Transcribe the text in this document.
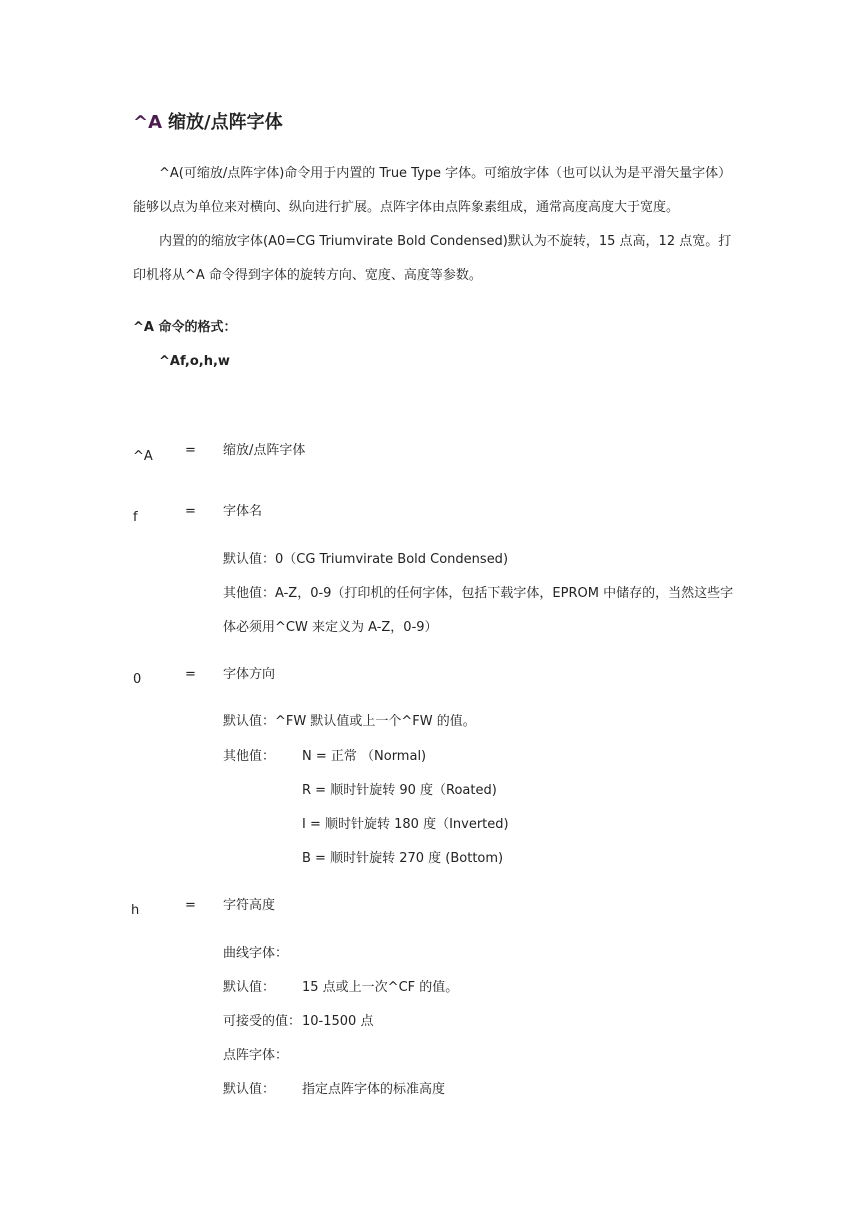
^A 缩放/点阵字体
^A(可缩放/点阵字体)命令用于内置的 True Type 字体。可缩放字体（也可以认为是平滑矢量字体）
能够以点为单位来对横向、纵向进行扩展。点阵字体由点阵象素组成，通常高度高度大于宽度。
内置的的缩放字体(A0=CG Triumvirate Bold Condensed)默认为不旋转，15 点高，12 点宽。打
印机将从^A 命令得到字体的旋转方向、宽度、高度等参数。
^A 命令的格式：
^Af,o,h,w
^A = 缩放/点阵字体
f	= 字体名
默认值：0（CG Triumvirate Bold Condensed)
其他值：A-Z，0-9（打印机的任何字体，包括下载字体，EPROM 中储存的，当然这些字
体必须用^CW 来定义为 A-Z，0-9）
0	= 字体方向
默认值：^FW 默认值或上一个^FW 的值。
其他值： N = 正常 （Normal)
R = 顺时针旋转 90 度（Roated)
I = 顺时针旋转 180 度（Inverted)
B = 顺时针旋转 270 度 (Bottom)
h	= 字符高度
曲线字体：
默认值： 15 点或上一次^CF 的值。
可接受的值： 10-1500 点
点阵字体：
默认值： 指定点阵字体的标准高度
